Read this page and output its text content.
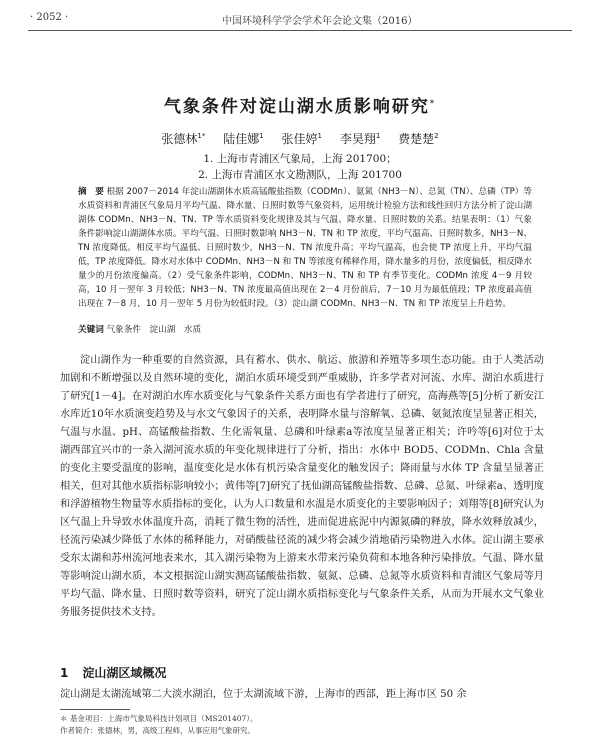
· 2052 ·	中国环境科学学会学术年会论文集（2016）
气象条件对淀山湖水质影响研究*
张德林$^{1*}$ 陆佳娜$^1$ 张佳婷$^1$ 李昊翔$^1$ 费楚楚$^2$
1. 上海市青浦区气象局，上海 201700；
2. 上海市青浦区水文勘测队，上海 201700
摘　要 根据 2007－2014 年淀山湖湖体水质高锰酸盐指数（CODMn）、氨氮（NH3－N）、总氮（TN）、总磷（TP）等水质资料和青浦区气象局月平均气温、降水量、日照时数等气象资料，运用统计检验方法和线性回归方法分析了淀山湖湖体 CODMn、NH3－N、TN、TP 等水质资料变化规律及其与气温、降水量、日照时数的关系。结果表明：（1）气象条件影响淀山湖湖体水质。平均气温、日照时数影响 NH3－N、TN 和 TP 浓度，平均气温高、日照时数多，NH3－N、TN 浓度降低。相反平均气温低、日照时数少，NH3－N、TN 浓度升高；平均气温高，也会使 TP 浓度上升，平均气温低，TP 浓度降低。降水对水体中 CODMn、NH3－N 和 TN 等浓度有稀释作用，降水量多的月份，浓度偏低，相反降水量少的月份浓度偏高。（2）受气象条件影响，CODMn、NH3－N、TN 和 TP 有季节变化。CODMn 浓度 4－9 月较高，10 月－翌年 3 月较低；NH3－N、TN 浓度最高值出现在 2－4 月份前后，7－10 月为最低值段；TP 浓度最高值出现在 7－8 月，10 月－翌年 5 月份为较低时段。（3）淀山湖 CODMn、NH3－N、TN 和 TP 浓度呈上升趋势。
关键词 气象条件　淀山湖　水质
淀山湖作为一种重要的自然资源，具有蓄水、供水、航运、旅游和养殖等多项生态功能。由于人类活动加剧和不断增强以及自然环境的变化，湖泊水质环境受到严重威胁，许多学者对河流、水库、湖泊水质进行了研究[1－4]。在对湖泊水库水质变化与气象条件关系方面也有学者进行了研究，高海燕等[5]分析了新安江水库近10年水质演变趋势及与水文气象因子的关系，表明降水量与溶解氧、总磷、氨氮浓度呈显著正相关，气温与水温、pH、高锰酸盐指数、生化需氧量、总磷和叶绿素a等浓度呈显著正相关；许吟等[6]对位于太湖西部宜兴市的一条入湖河流水质的年变化规律进行了分析，指出：水体中 BOD5、CODMn、Chla 含量的变化主要受温度的影响，温度变化是水体有机污染含量变化的触发因子；降雨量与水体 TP 含量呈显著正相关，但对其他水质指标影响较小；黄伟等[7]研究了抚仙湖高锰酸盐指数、总磷、总氮、叶绿素a、透明度和浮游植物生物量等水质指标的变化，认为人口数量和水温是水质变化的主要影响因子；刘翔等[8]研究认为区气温上升导致水体温度升高，消耗了微生物的活性，进而促进底泥中内源氮磷的释放，降水效释放减少，径流污染减少降低了水体的稀释能力，对硝酸盐径流的减少将会减少消地硝污染物进入水体。淀山湖主要承受东太湖和苏州流河地表来水，其入湖污染物为上游来水带来污染负荷和本地各种污染排放。气温、降水量等影响淀山湖水质，本文根据淀山湖实测高锰酸盐指数、氨氮、总磷、总氮等水质资料和青浦区气象局等月平均气温、降水量、日照时数等资料，研究了淀山湖水质指标变化与气象条件关系，从而为开展水文气象业务服务提供技术支持。
1 淀山湖区域概况
淀山湖是太湖流域第二大淡水湖泊，位于太湖流域下游，上海市的西部，距上海市区 50 余
＊ 基金项目：上海市气象局科技计划项目（MS201407）。
作者简介：张德林，男，高级工程师，从事应用气象研究。
